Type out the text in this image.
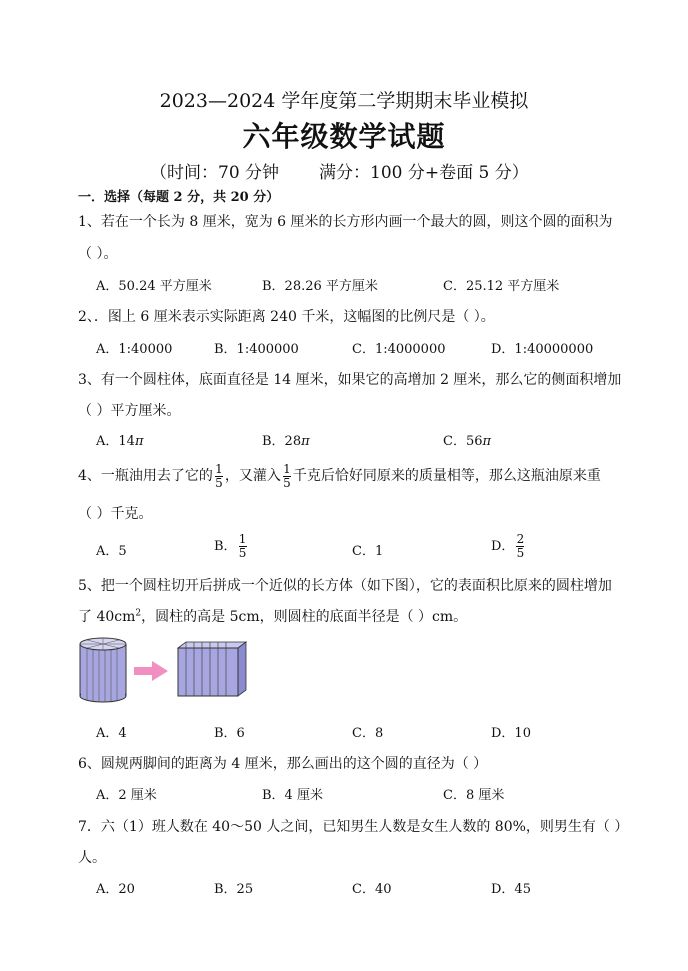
2023—2024 学年度第二学期期末毕业模拟
六年级数学试题
（时间：70 分钟 满分：100 分+卷面 5 分）
一．选择（每题 2 分，共 20 分）
1、若在一个长为 8 厘米，宽为 6 厘米的长方形内画一个最大的圆，则这个圆的面积为
（ ）。
A．50.24 平方厘米	B．28.26 平方厘米	C．25.12 平方厘米
2、．图上 6 厘米表示实际距离 240 千米，这幅图的比例尺是（ ）。
A．1:40000	B．1:400000	C．1:4000000	D．1:40000000
3、有一个圆柱体，底面直径是 14 厘米，如果它的高增加 2 厘米，那么它的侧面积增加
（ ）平方厘米。
A．14π	B．28π	C．56π
4、一瓶油用去了它的 $\frac{1}{5}$ ，又灌入 $\frac{1}{5}$ 千克后恰好同原来的质量相等，那么这瓶油原来重
（ ）千克。
A．5	B． $\frac{1}{5}$	C．1	D． $\frac{2}{5}$
5、把一个圆柱切开后拼成一个近似的长方体（如下图），它的表面积比原来的圆柱增加
了 $40cm^2$，圆柱的高是 5cm，则圆柱的底面半径是（ ）cm。
A．4	B．6	C．8	D．10
6、圆规两脚间的距离为 4 厘米，那么画出的这个圆的直径为（ ）
A．2 厘米	B．4 厘米	C．8 厘米
7．六（1）班人数在 40～50 人之间，已知男生人数是女生人数的 80%，则男生有（ ）
人。
A．20	B．25	C．40	D．45
